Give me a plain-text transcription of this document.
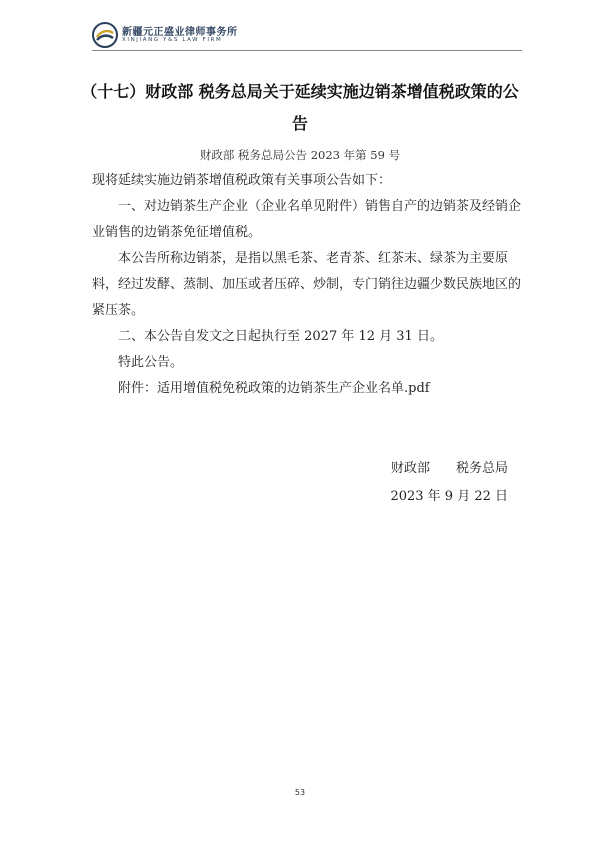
新疆元正盛业律师事务所
XINJIANG Y&S LAW FIRM
（十七）财政部 税务总局关于延续实施边销茶增值税政策的公告
财政部 税务总局公告 2023 年第 59 号

现将延续实施边销茶增值税政策有关事项公告如下：

一、对边销茶生产企业（企业名单见附件）销售自产的边销茶及经销企业销售的边销茶免征增值税。

本公告所称边销茶，是指以黑毛茶、老青茶、红茶末、绿茶为主要原料，经过发酵、蒸制、加压或者压碎、炒制，专门销往边疆少数民族地区的紧压茶。

二、本公告自发文之日起执行至 2027 年 12 月 31 日。

特此公告。

附件：适用增值税免税政策的边销茶生产企业名单.pdf

财政部　　税务总局
2023 年 9 月 22 日
53
